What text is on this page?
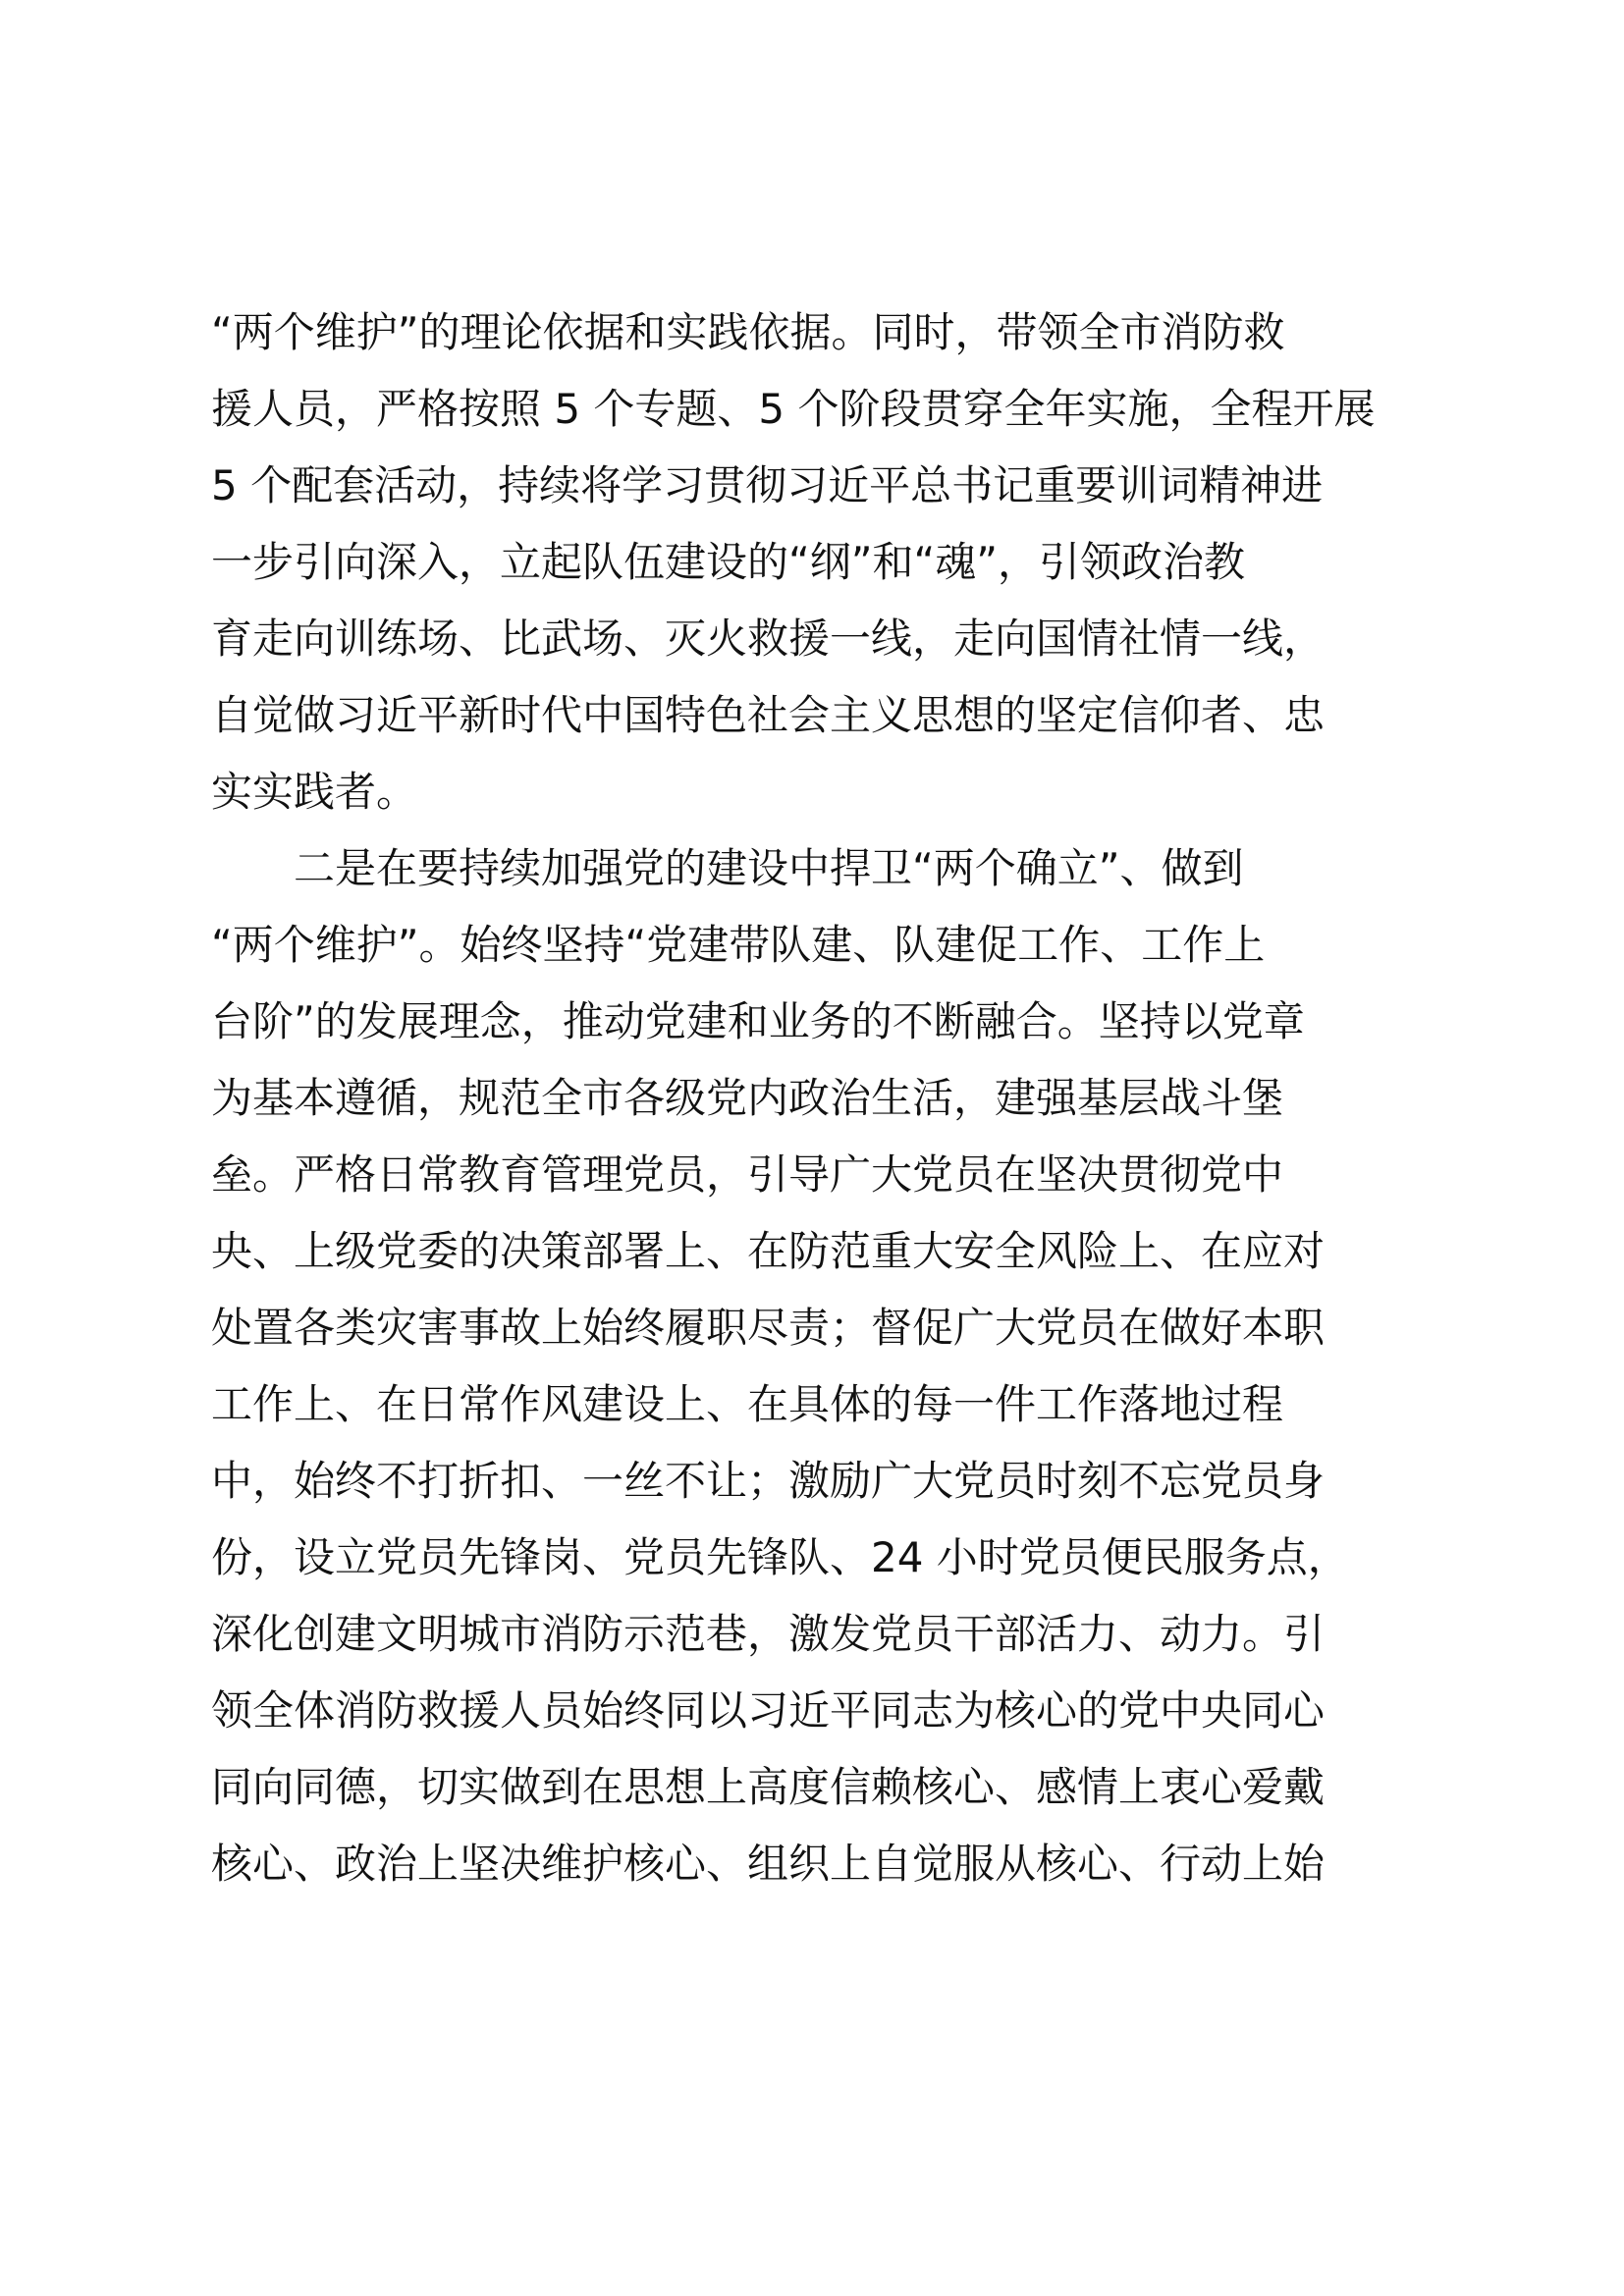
“两个维护”的理论依据和实践依据。同时，带领全市消防救
援人员，严格按照 5 个专题、5 个阶段贯穿全年实施，全程开展
5 个配套活动，持续将学习贯彻习近平总书记重要训词精神进
一步引向深入，立起队伍建设的“纲”和“魂”，引领政治教
育走向训练场、比武场、灭火救援一线，走向国情社情一线，
自觉做习近平新时代中国特色社会主义思想的坚定信仰者、忠
实实践者。
二是在要持续加强党的建设中捍卫“两个确立”、做到
“两个维护”。始终坚持“党建带队建、队建促工作、工作上
台阶”的发展理念，推动党建和业务的不断融合。坚持以党章
为基本遵循，规范全市各级党内政治生活，建强基层战斗堡
垒。严格日常教育管理党员，引导广大党员在坚决贯彻党中
央、上级党委的决策部署上、在防范重大安全风险上、在应对
处置各类灾害事故上始终履职尽责；督促广大党员在做好本职
工作上、在日常作风建设上、在具体的每一件工作落地过程
中，始终不打折扣、一丝不让；激励广大党员时刻不忘党员身
份，设立党员先锋岗、党员先锋队、24 小时党员便民服务点，
深化创建文明城市消防示范巷，激发党员干部活力、动力。引
领全体消防救援人员始终同以习近平同志为核心的党中央同心
同向同德，切实做到在思想上高度信赖核心、感情上衷心爱戴
核心、政治上坚决维护核心、组织上自觉服从核心、行动上始
